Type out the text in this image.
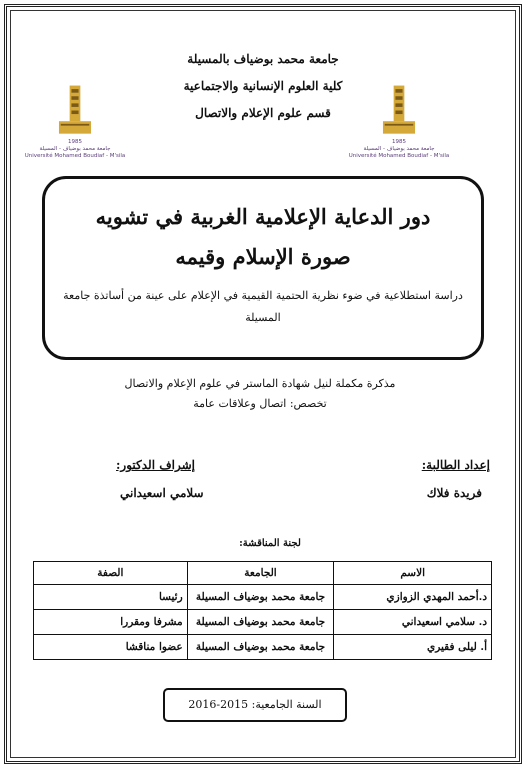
1985
جامعة محمد بوضياف - المسيلة
Université Mohamed Boudiaf - M'sila
1985
جامعة محمد بوضياف - المسيلة
Université Mohamed Boudiaf - M'sila
جامعة محمد بوضياف بالمسيلة
كلية العلوم الإنسانية والاجتماعية
قسم علوم الإعلام والاتصال
دور الدعاية الإعلامية الغربية في تشويه
صورة الإسلام وقيمه
دراسة استطلاعية في ضوء نظرية الحتمية القيمية في الإعلام على عينة من أساتذة جامعة المسيلة
مذكرة مكملة لنيل شهادة الماستر في علوم الإعلام والاتصال
تخصص: اتصال وعلاقات عامة
إعداد الطالبة:
إشراف الدكتور:
فريدة فلاك
سلامي اسعيداني
لجنة المناقشة:
الاسم	الجامعة	الصفة
د.أحمد المهدي الزوازي	جامعة محمد بوضياف المسيلة	رئيسا
د. سلامي اسعيداني	جامعة محمد بوضياف المسيلة	مشرفا ومقررا
أ. ليلى فقيري	جامعة محمد بوضياف المسيلة	عضوا مناقشا
السنة الجامعية: 2015-2016
